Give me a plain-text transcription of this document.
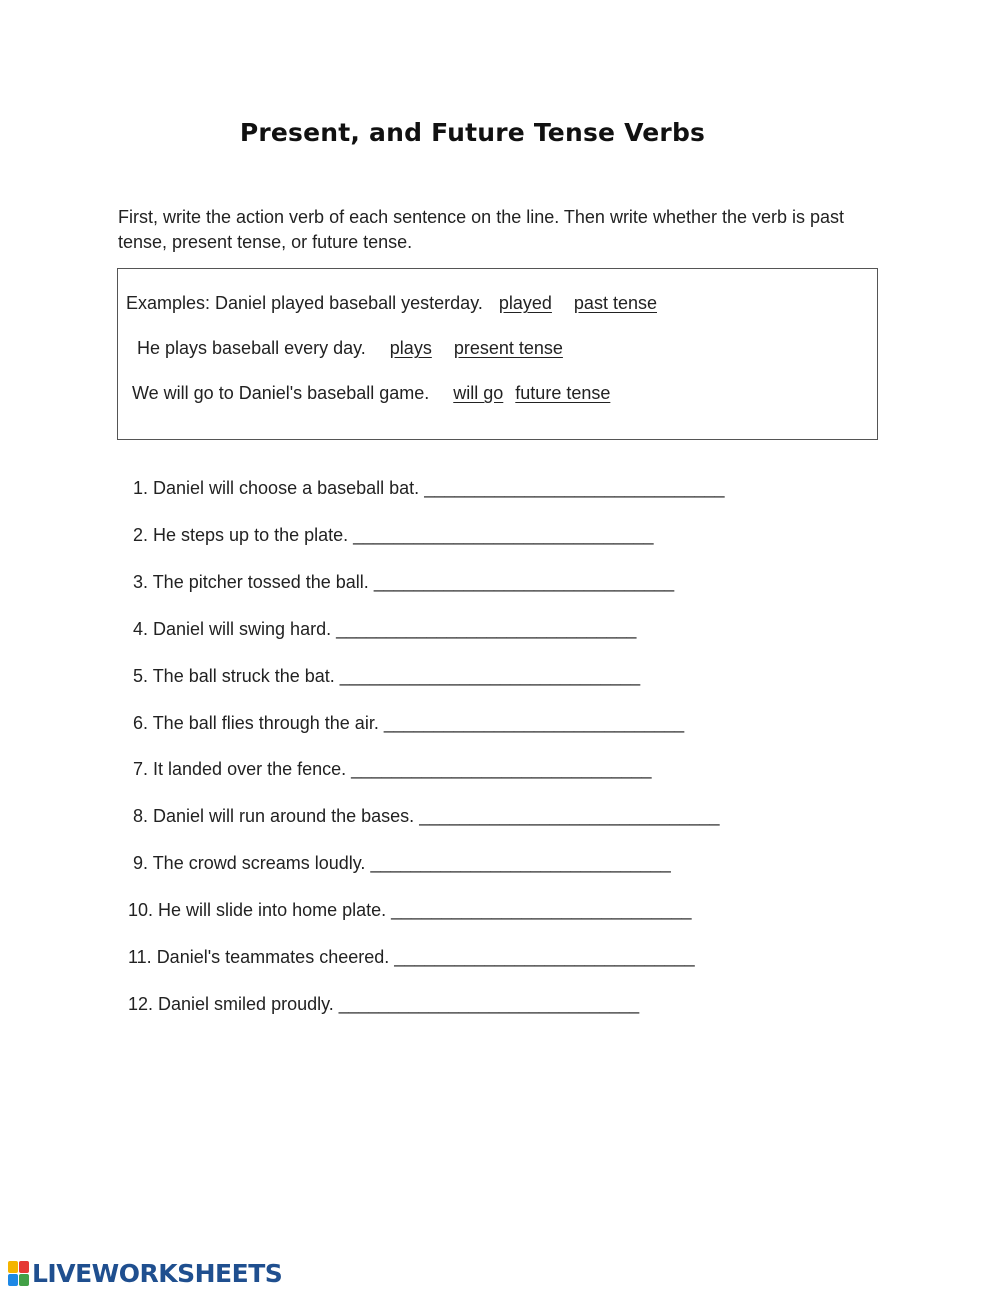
Present, and Future Tense Verbs
First, write the action verb of each sentence on the line. Then write whether the verb is past tense, present tense, or future tense.
Examples: Daniel played baseball yesterday. played past tense
He plays baseball every day. plays present tense
We will go to Daniel's baseball game. will go future tense
1. Daniel will choose a baseball bat. ______________________________
2. He steps up to the plate. ______________________________
3. The pitcher tossed the ball. ______________________________
4. Daniel will swing hard. ______________________________
5. The ball struck the bat. ______________________________
6. The ball flies through the air. ______________________________
7. It landed over the fence. ______________________________
8. Daniel will run around the bases. ______________________________
9. The crowd screams loudly. ______________________________
10. He will slide into home plate. ______________________________
11. Daniel's teammates cheered. ______________________________
12. Daniel smiled proudly. ______________________________
LIVEWORKSHEETS
